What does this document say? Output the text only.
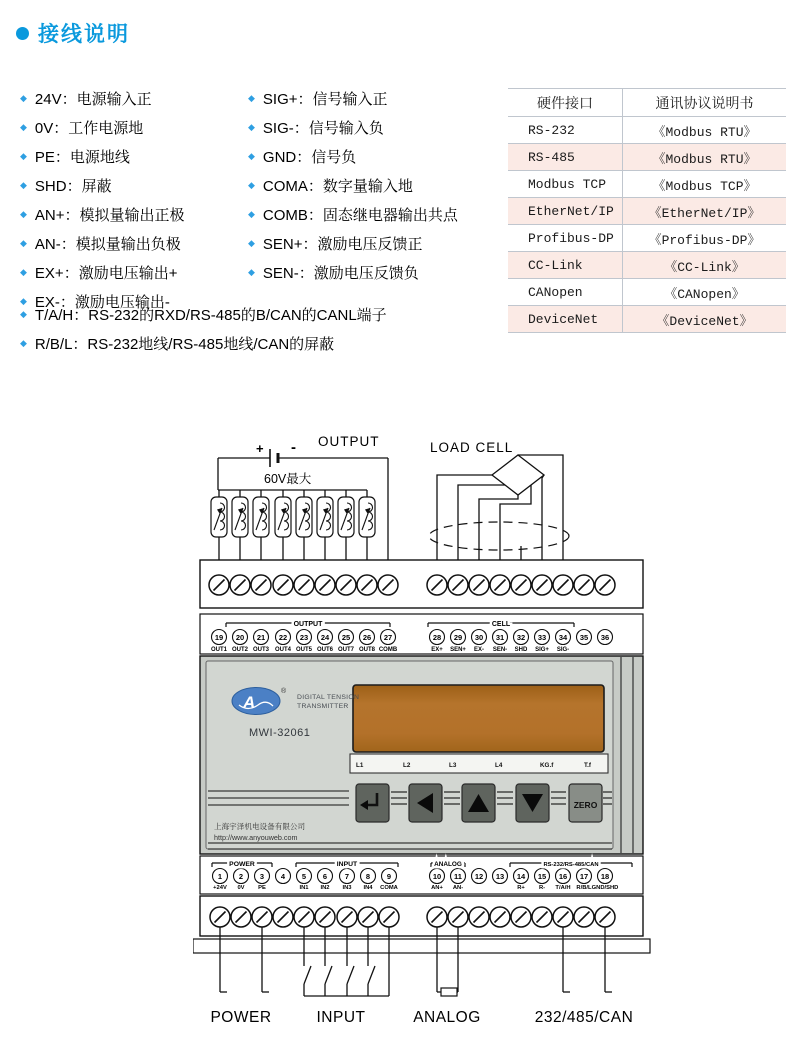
接线说明
◆ 24V：电源输入正
◆ 0V：工作电源地
◆ PE：电源地线
◆ SHD：屏蔽
◆ AN+：模拟量输出正极
◆ AN-：模拟量输出负极
◆ EX+：激励电压输出+
◆ EX-：激励电压输出-
◆ SIG+：信号输入正
◆ SIG-：信号输入负
◆ GND：信号负
◆ COMA：数字量输入地
◆ COMB：固态继电器输出共点
◆ SEN+：激励电压反馈正
◆ SEN-：激励电压反馈负
◆ T/A/H：RS-232的RXD/RS-485的B/CAN的CANL端子
◆ R/B/L：RS-232地线/RS-485地线/CAN的屏蔽
硬件接口	通讯协议说明书
RS-232	《Modbus RTU》
RS-485	《Modbus RTU》
Modbus TCP	《Modbus TCP》
EtherNet/IP	《EtherNet/IP》
Profibus-DP	《Profibus-DP》
CC-Link	《CC-Link》
CANopen	《CANopen》
DeviceNet	《DeviceNet》
19
OUT1
20
OUT2
21
OUT3
22
OUT4
23
OUT5
24
OUT6
25
OUT7
26
OUT8
27
COMB
28
EX+
29
SEN+
30
EX-
31
SEN-
32
SHD
33
SIG+
34
SIG-
35 36
1
+24V
2
0V
3
PE
4 5
IN1
6
IN2
7
IN3
8
IN4
9
COMA
10
AN+
11
AN-
12 13 14
R+
15
R-
16
T/A/H
17
R/B/L
18
GND/SHD
OUTPUT	LOAD CELL
+ -
60V最大
OUTPUT	CELL
POWER	INPUT	ANALOG	RS-232/RS-485/CAN
A
®
DIGITAL TENSION
TRANSMITTER
MWI-32061
L1	L2	L3	L4	KG.f	T.f
ZERO
上海宇泽机电设备有限公司
http://www.anyouweb.com
POWER	INPUT	ANALOG	232/485/CAN
